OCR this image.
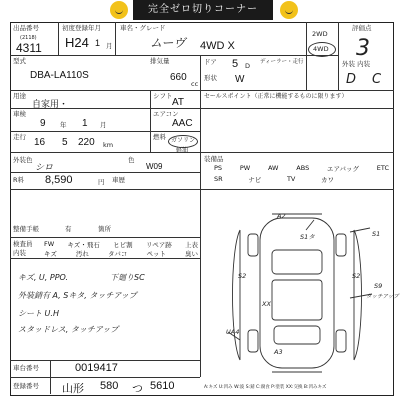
完全ゼロ切りコーナー
出品番号
(2118)
4311
初度登録年月
H24 1 月
車名・グレード
ムーヴ 4WD X
2WD
4WD
評価点
3
型式
DBA-LA110S
排気量
660
cc
ドア 5 D
形状 W
ディーラー・走行	外装 内装
D C
用途
自家用・
シフト
AT
セールスポイント（正常に機能するものに限ります）
車検
9 年 1 月
エアコン
AAC
走行 16 5 220 km
燃料 ガソリン
軽油
色
W09
外装色
シロ
装備品
PS	PW	AW	ABS	エアバッグ	ETC
SR	ナビ	TV	カワ
R料 8,590	円 車歴
整備手帳	有	箇所
検査員 FW キズ・飛石 ヒビ割 リペア跡 上表
内装	キズ	汚れ	タバコ	ペット	臭い
キズ, U, PPO.	下廻りSC
外装錆有 A, Sキタ, タッチアップ
シート U.H
スタッドレス, タッチアップ
A2
S1
S1タ
S2
XX
S2
S9
タッチアップ
UA4
A3
車台番号	0019417
登録番号 山形 580 つ 5610	A:キズ U:凹み W:波 S:錆 C:腐食 P:塗装 XX:交換 B:凹みキズ
